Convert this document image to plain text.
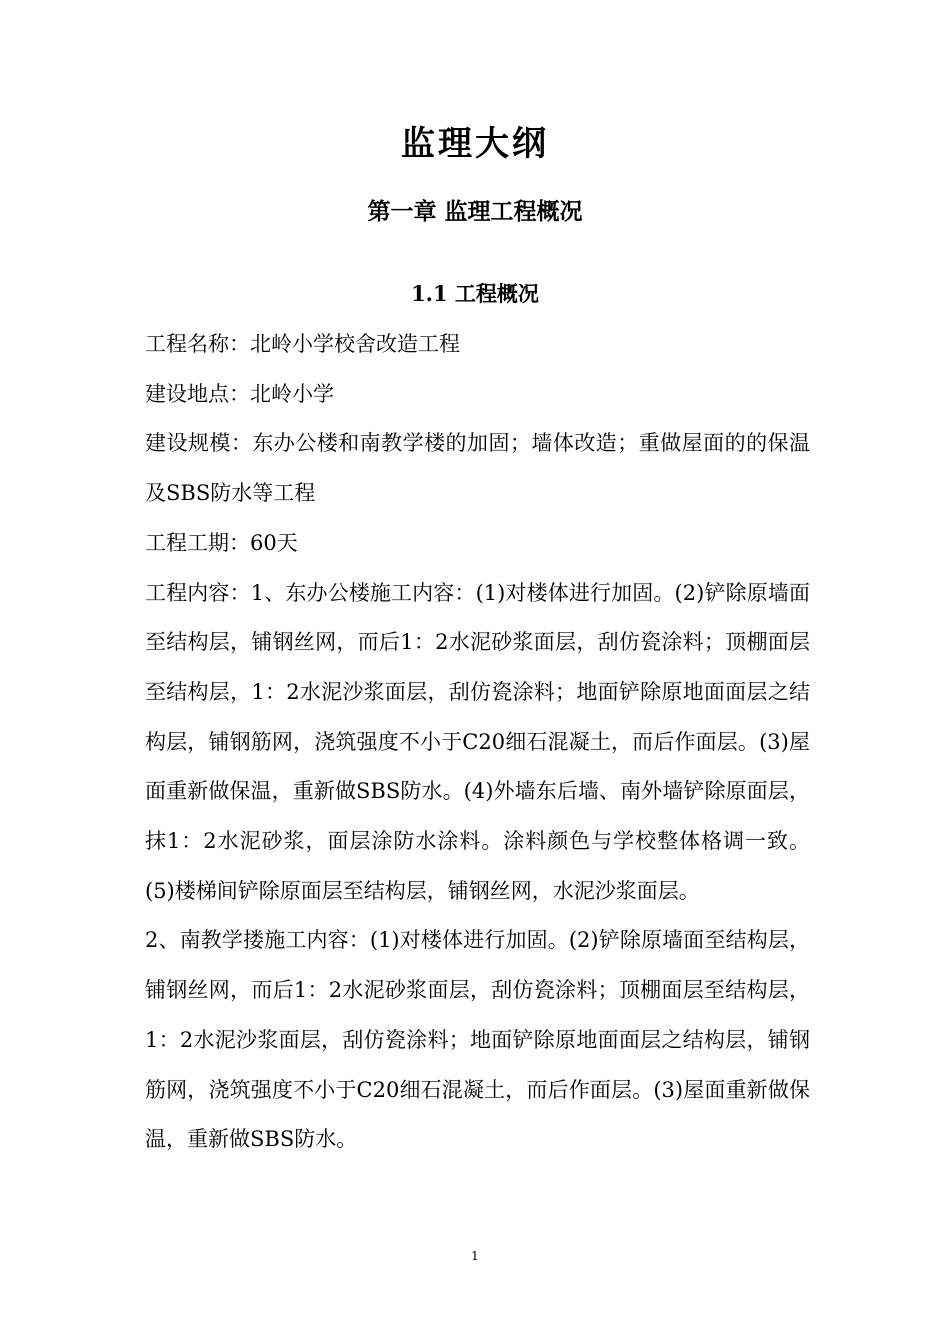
监理大纲
第一章 监理工程概况
1.1 工程概况

工程名称：北岭小学校舍改造工程

建设地点：北岭小学

建设规模：东办公楼和南教学楼的加固；墙体改造；重做屋面的的保温及SBS防水等工程

工程工期：60天

工程内容：1、东办公楼施工内容：(1)对楼体进行加固。(2)铲除原墙面至结构层，铺钢丝网，而后1：2水泥砂浆面层，刮仿瓷涂料；顶棚面层至结构层，1：2水泥沙浆面层，刮仿瓷涂料；地面铲除原地面面层之结构层，铺钢筋网，浇筑强度不小于C20细石混凝土，而后作面层。(3)屋面重新做保温，重新做SBS防水。(4)外墙东后墙、南外墙铲除原面层，抹1：2水泥砂浆，面层涂防水涂料。涂料颜色与学校整体格调一致。(5)楼梯间铲除原面层至结构层，铺钢丝网，水泥沙浆面层。

2、南教学搂施工内容：(1)对楼体进行加固。(2)铲除原墙面至结构层，铺钢丝网，而后1：2水泥砂浆面层，刮仿瓷涂料；顶棚面层至结构层，1：2水泥沙浆面层，刮仿瓷涂料；地面铲除原地面面层之结构层，铺钢筋网，浇筑强度不小于C20细石混凝土，而后作面层。(3)屋面重新做保温，重新做SBS防水。

1
